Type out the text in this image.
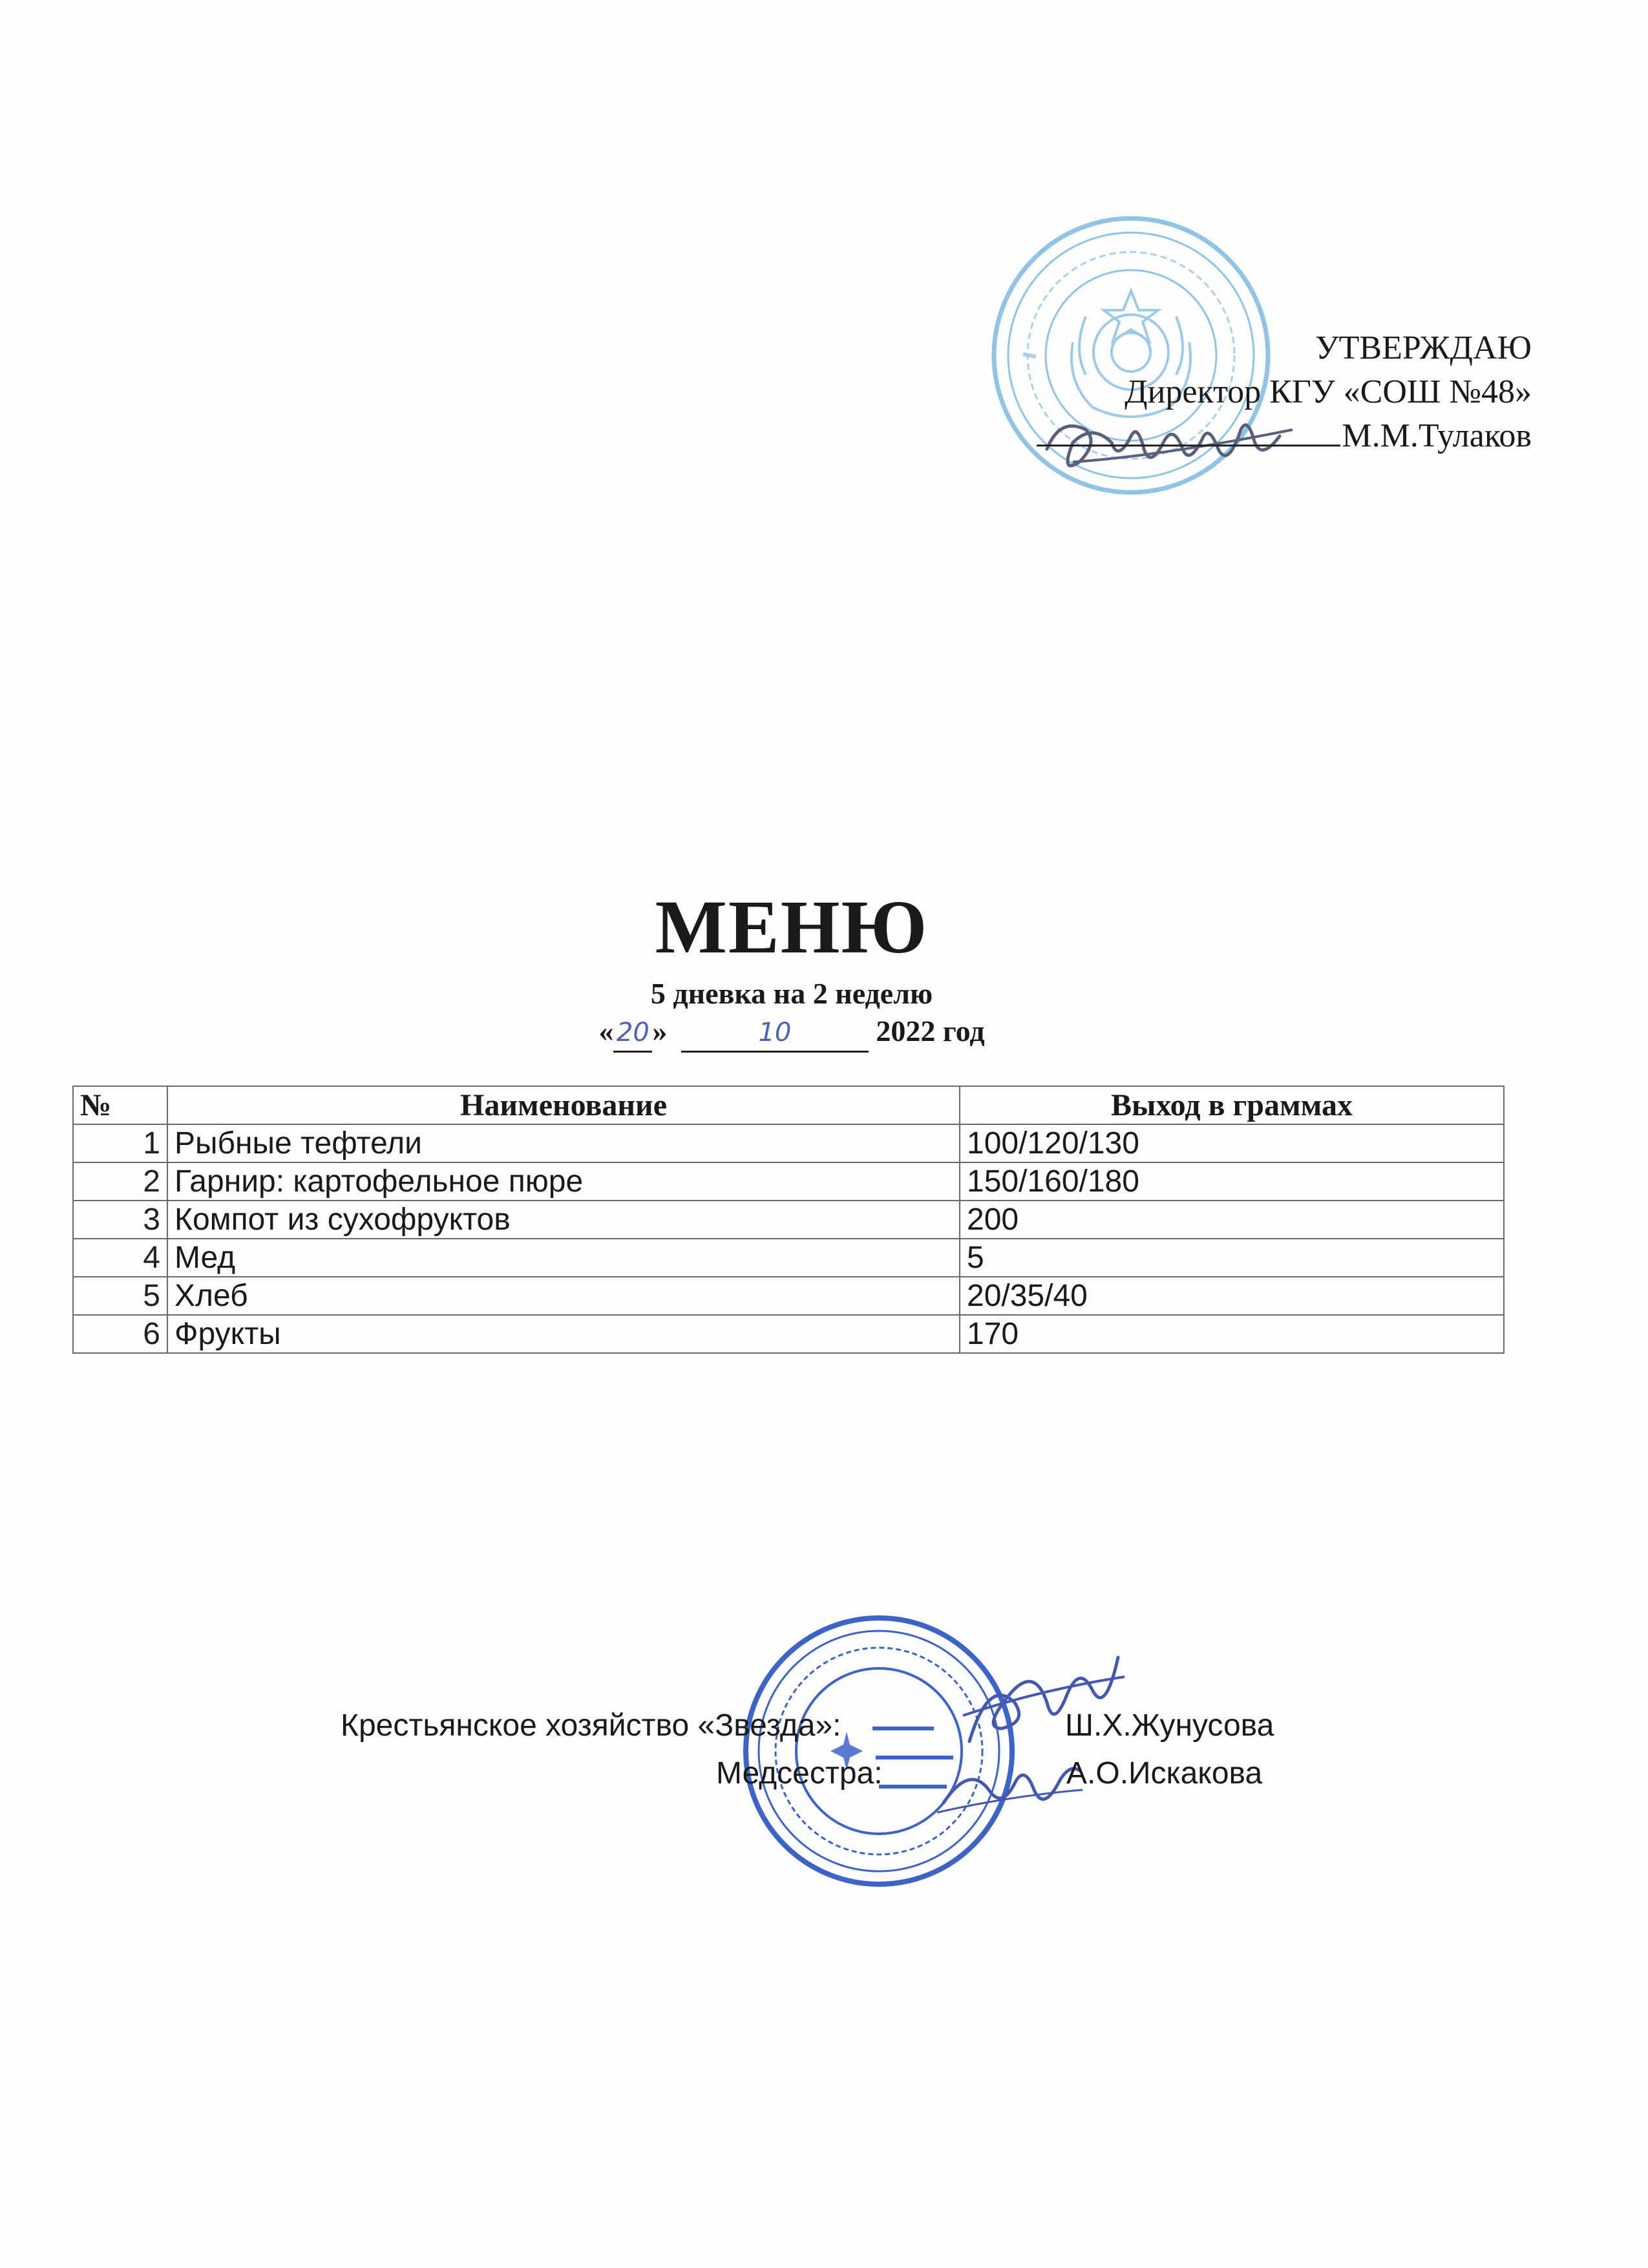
УТВЕРЖДАЮ
Директор КГУ «СОШ №48»
М.М.Тулаков
МЕНЮ
5 дневка на 2 неделю
« 20»	10	2022 год
№	Наименование	Выход в граммах
1	Рыбные тефтели	100/120/130
2	Гарнир: картофельное пюре	150/160/180
3	Компот из сухофруктов	200
4	Мед	5
5	Хлеб	20/35/40
6	Фрукты	170
Крестьянское хозяйство «Звезда»:	Ш.Х.Жунусова
Медсестра:	А.О.Искакова
